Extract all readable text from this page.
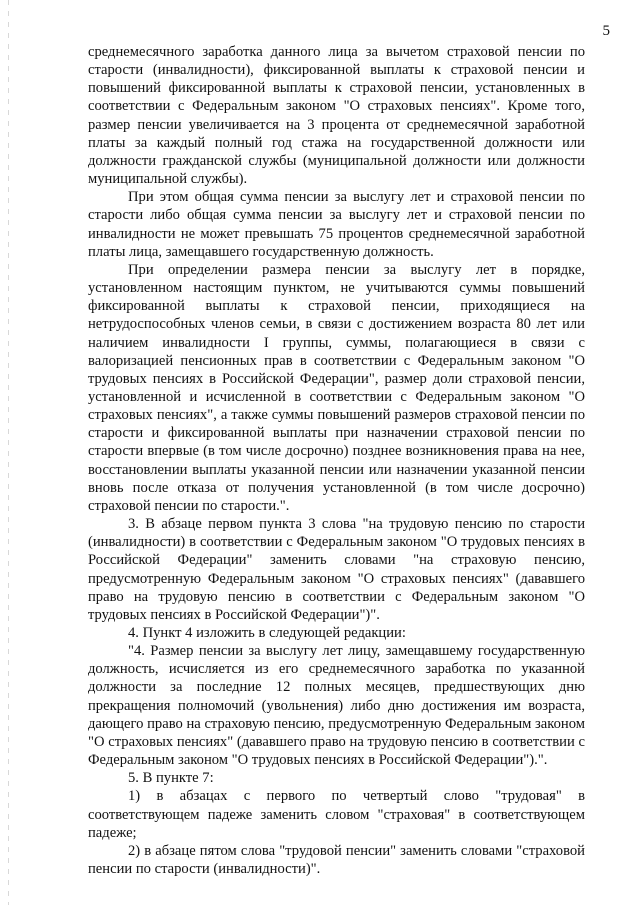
5

среднемесячного заработка данного лица за вычетом страховой пенсии по старости (инвалидности), фиксированной выплаты к страховой пенсии и повышений фиксированной выплаты к страховой пенсии, установленных в соответствии с Федеральным законом "О страховых пенсиях". Кроме того, размер пенсии увеличивается на 3 процента от среднемесячной заработной платы за каждый полный год стажа на государственной должности или должности гражданской службы (муниципальной должности или должности муниципальной службы).

При этом общая сумма пенсии за выслугу лет и страховой пенсии по старости либо общая сумма пенсии за выслугу лет и страховой пенсии по инвалидности не может превышать 75 процентов среднемесячной заработной платы лица, замещавшего государственную должность.

При определении размера пенсии за выслугу лет в порядке, установленном настоящим пунктом, не учитываются суммы повышений фиксированной выплаты к страховой пенсии, приходящиеся на нетрудоспособных членов семьи, в связи с достижением возраста 80 лет или наличием инвалидности I группы, суммы, полагающиеся в связи с валоризацией пенсионных прав в соответствии с Федеральным законом "О трудовых пенсиях в Российской Федерации", размер доли страховой пенсии, установленной и исчисленной в соответствии с Федеральным законом "О страховых пенсиях", а также суммы повышений размеров страховой пенсии по старости и фиксированной выплаты при назначении страховой пенсии по старости впервые (в том числе досрочно) позднее возникновения права на нее, восстановлении выплаты указанной пенсии или назначении указанной пенсии вновь после отказа от получения установленной (в том числе досрочно) страховой пенсии по старости.".

3. В абзаце первом пункта 3 слова "на трудовую пенсию по старости (инвалидности) в соответствии с Федеральным законом "О трудовых пенсиях в Российской Федерации" заменить словами "на страховую пенсию, предусмотренную Федеральным законом "О страховых пенсиях" (дававшего право на трудовую пенсию в соответствии с Федеральным законом "О трудовых пенсиях в Российской Федерации")".

4. Пункт 4 изложить в следующей редакции:

"4. Размер пенсии за выслугу лет лицу, замещавшему государственную должность, исчисляется из его среднемесячного заработка по указанной должности за последние 12 полных месяцев, предшествующих дню прекращения полномочий (увольнения) либо дню достижения им возраста, дающего право на страховую пенсию, предусмотренную Федеральным законом "О страховых пенсиях" (дававшего право на трудовую пенсию в соответствии с Федеральным законом "О трудовых пенсиях в Российской Федерации").".

5. В пункте 7:

1) в абзацах с первого по четвертый слово "трудовая" в соответствующем падеже заменить словом "страховая" в соответствующем падеже;

2) в абзаце пятом слова "трудовой пенсии" заменить словами "страховой пенсии по старости (инвалидности)".
